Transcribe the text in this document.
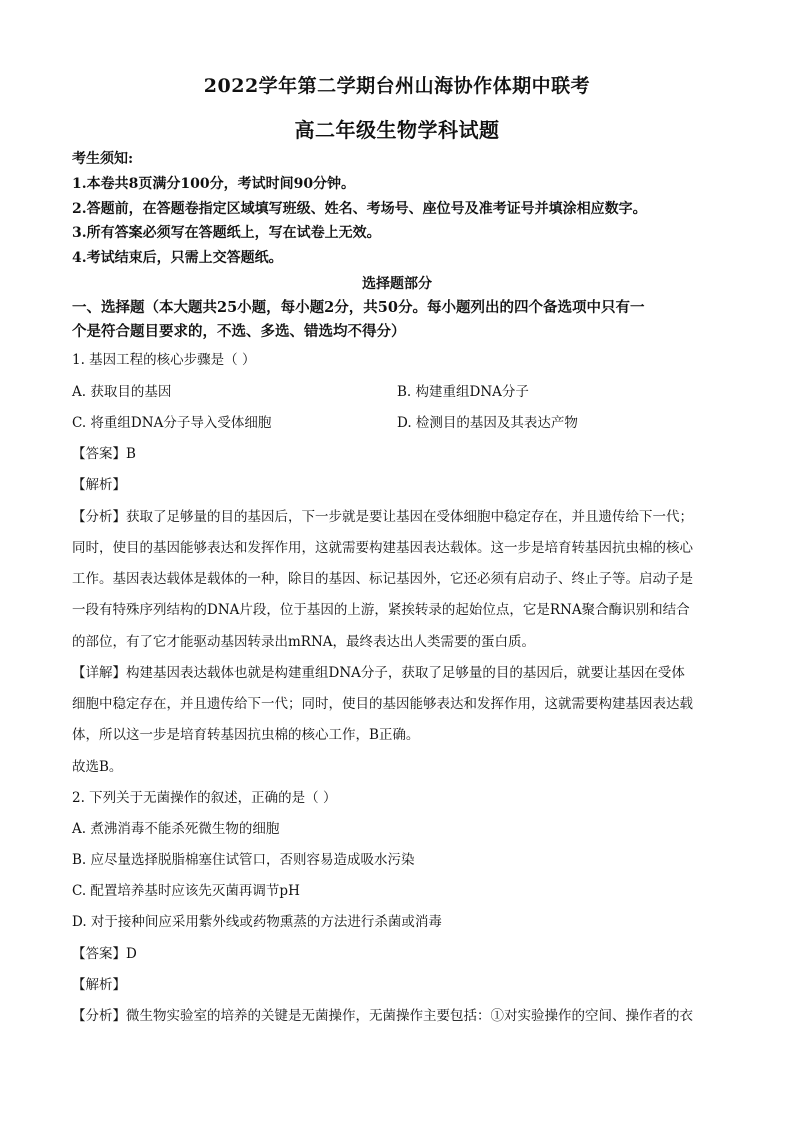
2022学年第二学期台州山海协作体期中联考
高二年级生物学科试题
考生须知:
1.本卷共8页满分100分，考试时间90分钟。
2.答题前，在答题卷指定区域填写班级、姓名、考场号、座位号及准考证号并填涂相应数字。
3.所有答案必须写在答题纸上，写在试卷上无效。
4.考试结束后，只需上交答题纸。
选择题部分
一、选择题（本大题共25小题，每小题2分，共50分。每小题列出的四个备选项中只有一
个是符合题目要求的，不选、多选、错选均不得分）
1. 基因工程的核心步骤是（ ）
A. 获取目的基因	B. 构建重组DNA分子
C. 将重组DNA分子导入受体细胞	D. 检测目的基因及其表达产物
【答案】B
【解析】
【分析】获取了足够量的目的基因后，下一步就是要让基因在受体细胞中稳定存在，并且遗传给下一代；
同时，使目的基因能够表达和发挥作用，这就需要构建基因表达载体。这一步是培育转基因抗虫棉的核心
工作。基因表达载体是载体的一种，除目的基因、标记基因外，它还必须有启动子、终止子等。启动子是
一段有特殊序列结构的DNA片段，位于基因的上游，紧挨转录的起始位点，它是RNA聚合酶识别和结合
的部位，有了它才能驱动基因转录出mRNA，最终表达出人类需要的蛋白质。
【详解】构建基因表达载体也就是构建重组DNA分子，获取了足够量的目的基因后，就要让基因在受体
细胞中稳定存在，并且遗传给下一代；同时，使目的基因能够表达和发挥作用，这就需要构建基因表达载
体，所以这一步是培育转基因抗虫棉的核心工作，B正确。
故选B。
2. 下列关于无菌操作的叙述，正确的是（ ）
A. 煮沸消毒不能杀死微生物的细胞
B. 应尽量选择脱脂棉塞住试管口，否则容易造成吸水污染
C. 配置培养基时应该先灭菌再调节pH
D. 对于接种间应采用紫外线或药物熏蒸的方法进行杀菌或消毒
【答案】D
【解析】
【分析】微生物实验室的培养的关键是无菌操作，无菌操作主要包括：①对实验操作的空间、操作者的衣
